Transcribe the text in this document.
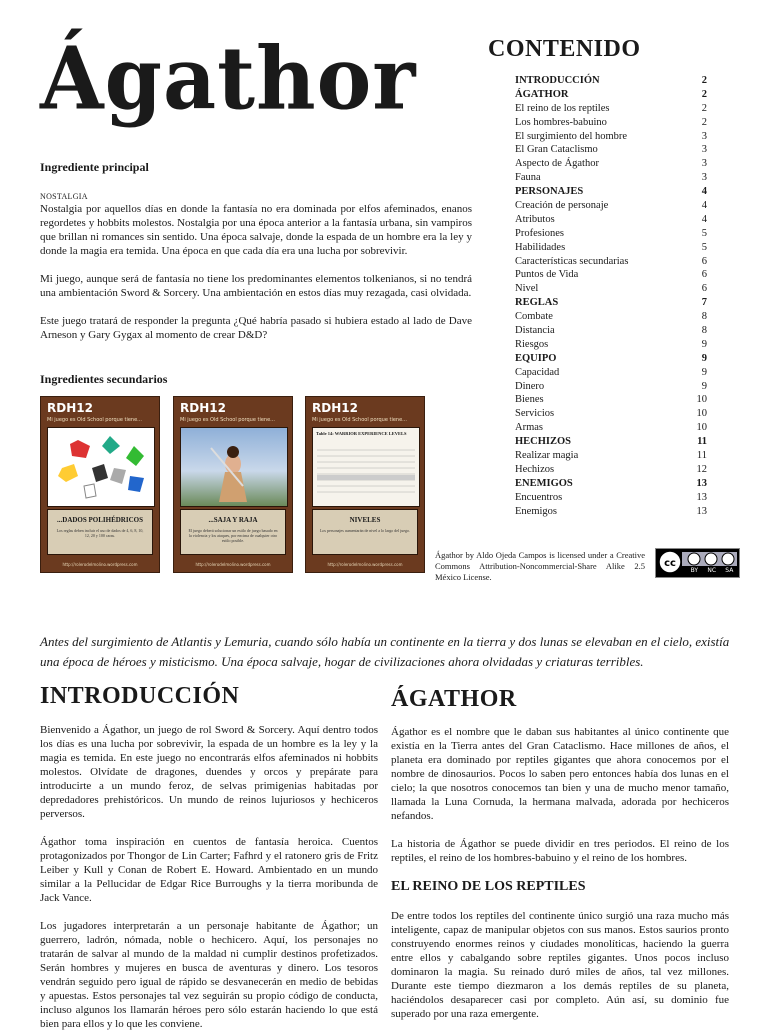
Ágathor
Ingrediente principal
NOSTALGIA

Nostalgia por aquellos días en donde la fantasía no era dominada por elfos afeminados, enanos regordetes y hobbits molestos. Nostalgia por una época anterior a la fantasía urbana, sin vampiros que brillan ni romances sin sentido. Una época salvaje, donde la espada de un hombre era la ley y donde la magia era temida. Una época en que cada día era una lucha por sobrevivir.

Mi juego, aunque será de fantasía no tiene los predominantes elementos tolkenianos, si no tendrá una ambientación Sword & Sorcery. Una ambientación en estos días muy rezagada, casi olvidada.

Este juego tratará de responder la pregunta ¿Qué habría pasado si hubiera estado al lado de Dave Arneson y Gary Gygax al momento de crear D&D?

Ingredientes secundarios
RDH12
Mi juego es Old School porque tiene...
...DADOS POLIHÉDRICOS
Los reglas deben incluir el uso de dados de 4, 6, 8, 10, 12, 20 y 100 caras.
http://rolerodelmolino.wordpress.com
RDH12
Mi juego es Old School porque tiene...
...SAJA Y RAJA
El juego deberá solucionar un estilo de juego basado en la violencia y los ataques, por encima de cualquier otro estilo posible.
http://rolerodelmolino.wordpress.com
RDH12
Mi juego es Old School porque tiene...
Table 14: WARRIOR EXPERIENCE LEVELS
NIVELES
Los personajes aumentarán de nivel a lo largo del juego.
http://rolerodelmolino.wordpress.com
CONTENIDO
INTRODUCCIÓN	2
ÁGATHOR	2
El reino de los reptiles	2
Los hombres-babuino	2
El surgimiento del hombre	3
El Gran Cataclismo	3
Aspecto de Ágathor	3
Fauna	3
PERSONAJES	4
Creación de personaje	4
Atributos	4
Profesiones	5
Habilidades	5
Características secundarias	6
Puntos de Vida	6
Nivel	6
REGLAS	7
Combate	8
Distancia	8
Riesgos	9
EQUIPO	9
Capacidad	9
Dinero	9
Bienes	10
Servicios	10
Armas	10
HECHIZOS	11
Realizar magia	11
Hechizos	12
ENEMIGOS	13
Encuentros	13
Enemigos	13
Ágathor by Aldo Ojeda Campos is licensed under a Creative Commons Attribution-Noncommercial-Share Alike 2.5 México License.
cc
BY NC SA
Antes del surgimiento de Atlantis y Lemuria, cuando sólo había un continente en la tierra y dos lunas se elevaban en el cielo, existía una época de héroes y misticismo. Una época salvaje, hogar de civilizaciones ahora olvidadas y criaturas terribles.
INTRODUCCIÓN

Bienvenido a Ágathor, un juego de rol Sword & Sorcery. Aquí dentro todos los días es una lucha por sobrevivir, la espada de un hombre es la ley y la magia es temida. En este juego no encontrarás elfos afeminados ni hobbits molestos. Olvídate de dragones, duendes y orcos y prepárate para introducirte a un mundo feroz, de selvas primigenias habitadas por depredadores prehistóricos. Un mundo de reinos lujuriosos y hechiceros perversos.

Ágathor toma inspiración en cuentos de fantasía heroica. Cuentos protagonizados por Thongor de Lin Carter; Fafhrd y el ratonero gris de Fritz Leiber y Kull y Conan de Robert E. Howard. Ambientado en un mundo similar a la Pellucidar de Edgar Rice Burroughs y la tierra moribunda de Jack Vance.

Los jugadores interpretarán a un personaje habitante de Ágathor; un guerrero, ladrón, nómada, noble o hechicero. Aquí, los personajes no tratarán de salvar al mundo de la maldad ni cumplir destinos profetizados. Serán hombres y mujeres en busca de aventuras y dinero. Los tesoros vendrán seguido pero igual de rápido se desvanecerán en medio de bebidas y apuestas. Estos personajes tal vez seguirán su propio código de conducta, incluso algunos los llamarán héroes pero sólo estarán haciendo lo que está bien para ellos y lo que les conviene.

ÁGATHOR

Ágathor es el nombre que le daban sus habitantes al único continente que existía en la Tierra antes del Gran Cataclismo. Hace millones de años, el planeta era dominado por reptiles gigantes que ahora conocemos por el nombre de dinosaurios. Pocos lo saben pero entonces había dos lunas en el cielo; la que nosotros conocemos tan bien y una de mucho menor tamaño, llamada la Luna Cornuda, la hermana malvada, adorada por hechiceros nefandos.

La historia de Ágathor se puede dividir en tres periodos. El reino de los reptiles, el reino de los hombres-babuino y el reino de los hombres.

EL REINO DE LOS REPTILES

De entre todos los reptiles del continente único surgió una raza mucho más inteligente, capaz de manipular objetos con sus manos. Estos saurios pronto construyendo enormes reinos y ciudades monolíticas, haciendo la guerra entre ellos y cabalgando sobre reptiles gigantes. Unos pocos incluso dominaron la magia. Su reinado duró miles de años, tal vez millones. Durante este tiempo diezmaron a los demás reptiles de su planeta, haciéndolos desaparecer casi por completo. Aún así, su dominio fue superado por una raza emergente.
